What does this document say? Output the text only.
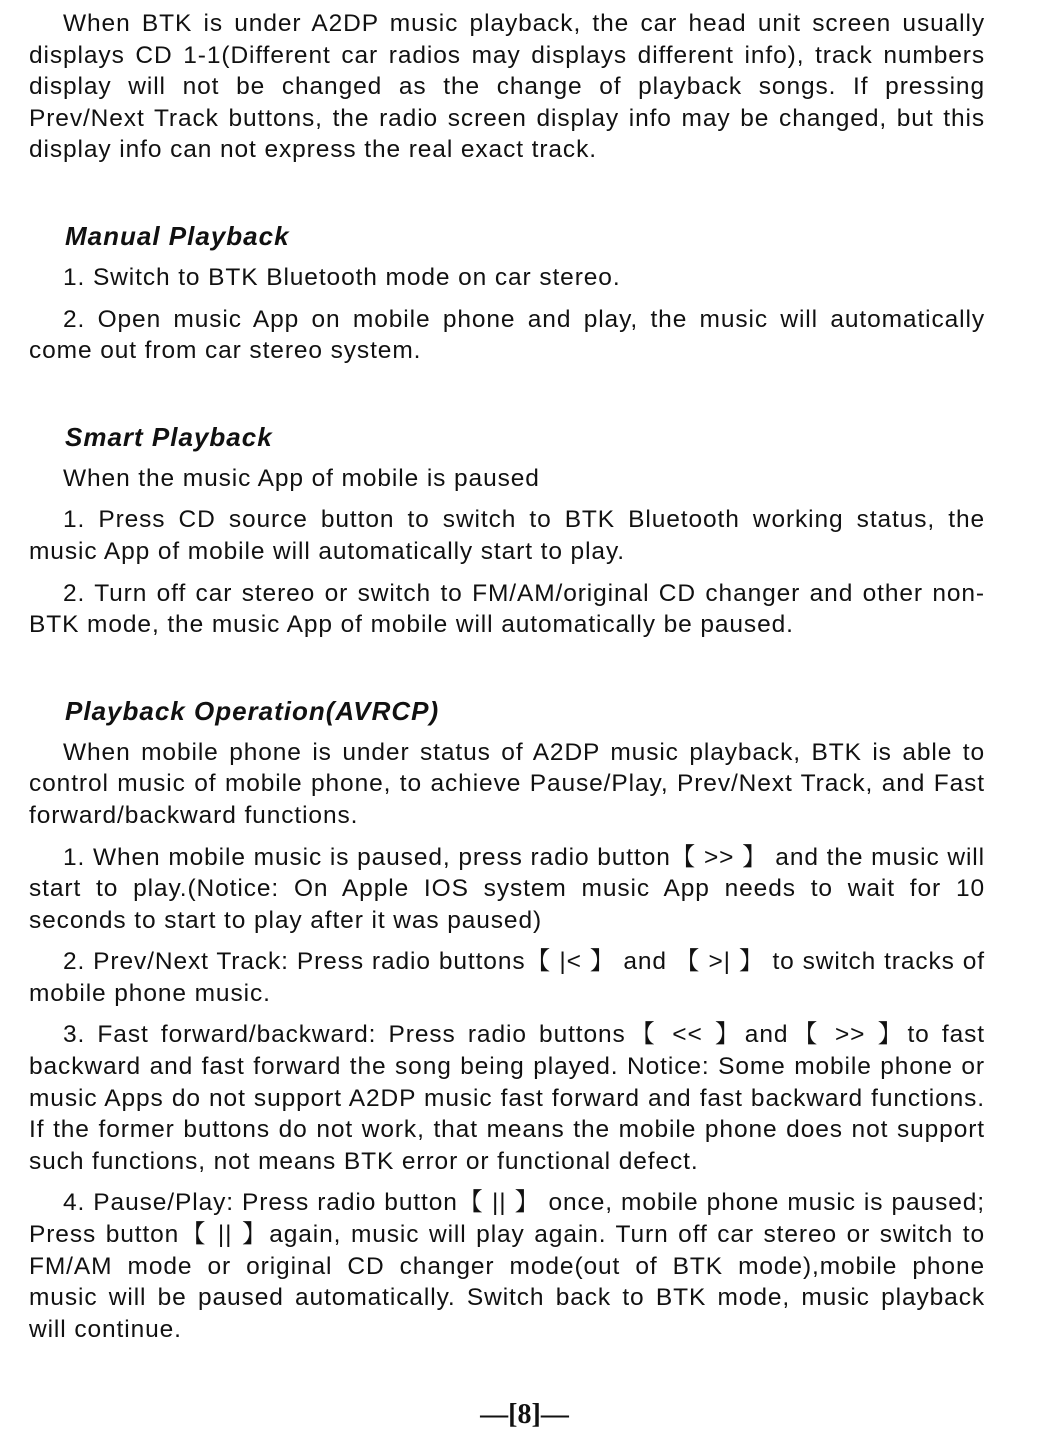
When BTK is under A2DP music playback, the car head unit screen usually displays CD 1-1(Different car radios may displays different info), track numbers display will not be changed as the change of playback songs. If pressing Prev/Next Track buttons, the radio screen display info may be changed, but this display info can not express the real exact track.

Manual Playback

1. Switch to BTK Bluetooth mode on car stereo.

2. Open music App on mobile phone and play, the music will automatically come out from car stereo system.

Smart Playback

When the music App of mobile is paused

1. Press CD source button to switch to BTK Bluetooth working status, the music App of mobile will automatically start to play.

2. Turn off car stereo or switch to FM/AM/original CD changer and other non-BTK mode, the music App of mobile will automatically be paused.

Playback Operation(AVRCP)

When mobile phone is under status of A2DP music playback, BTK is able to control music of mobile phone, to achieve Pause/Play, Prev/Next Track, and Fast forward/backward functions.

1. When mobile music is paused, press radio button【 >> 】 and the music will start to play.(Notice: On Apple IOS system music App needs to wait for 10 seconds to start to play after it was paused)

2. Prev/Next Track: Press radio buttons【 |< 】 and 【 >| 】 to switch tracks of mobile phone music.

3. Fast forward/backward: Press radio buttons【 << 】and【 >> 】to fast backward and fast forward the song being played. Notice: Some mobile phone or music Apps do not support A2DP music fast forward and fast backward functions. If the former buttons do not work, that means the mobile phone does not support such functions, not means BTK error or functional defect.

4. Pause/Play: Press radio button【 || 】 once, mobile phone music is paused; Press button【 || 】again, music will play again. Turn off car stereo or switch to FM/AM mode or original CD changer mode(out of BTK mode),mobile phone music will be paused automatically. Switch back to BTK mode, music playback will continue.

—[8]—
